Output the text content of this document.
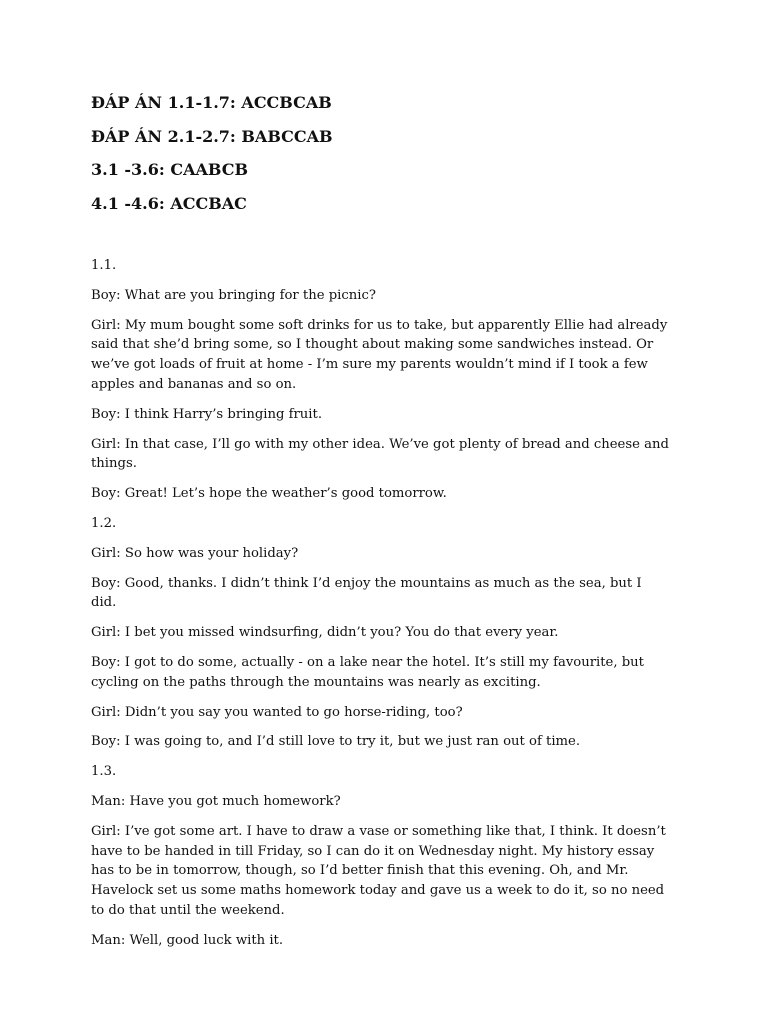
ĐÁP ÁN 1.1-1.7: ACCBCAB
ĐÁP ÁN 2.1-2.7: BABCCAB
3.1 -3.6: CAABCB
4.1 -4.6: ACCBAC

1.1.

Boy: What are you bringing for the picnic?

Girl: My mum bought some soft drinks for us to take, but apparently Ellie had already said that she’d bring some, so I thought about making some sandwiches instead. Or we’ve got loads of fruit at home - I’m sure my parents wouldn’t mind if I took a few apples and bananas and so on.

Boy: I think Harry’s bringing fruit.

Girl: In that case, I’ll go with my other idea. We’ve got plenty of bread and cheese and things.

Boy: Great! Let’s hope the weather’s good tomorrow.

1.2.

Girl: So how was your holiday?

Boy: Good, thanks. I didn’t think I’d enjoy the mountains as much as the sea, but I did.

Girl: I bet you missed windsurfing, didn’t you? You do that every year.

Boy: I got to do some, actually - on a lake near the hotel. It’s still my favourite, but cycling on the paths through the mountains was nearly as exciting.

Girl: Didn’t you say you wanted to go horse-riding, too?

Boy: I was going to, and I’d still love to try it, but we just ran out of time.

1.3.

Man: Have you got much homework?

Girl: I’ve got some art. I have to draw a vase or something like that, I think. It doesn’t have to be handed in till Friday, so I can do it on Wednesday night. My history essay has to be in tomorrow, though, so I’d better finish that this evening. Oh, and Mr. Havelock set us some maths homework today and gave us a week to do it, so no need to do that until the weekend.

Man: Well, good luck with it.
